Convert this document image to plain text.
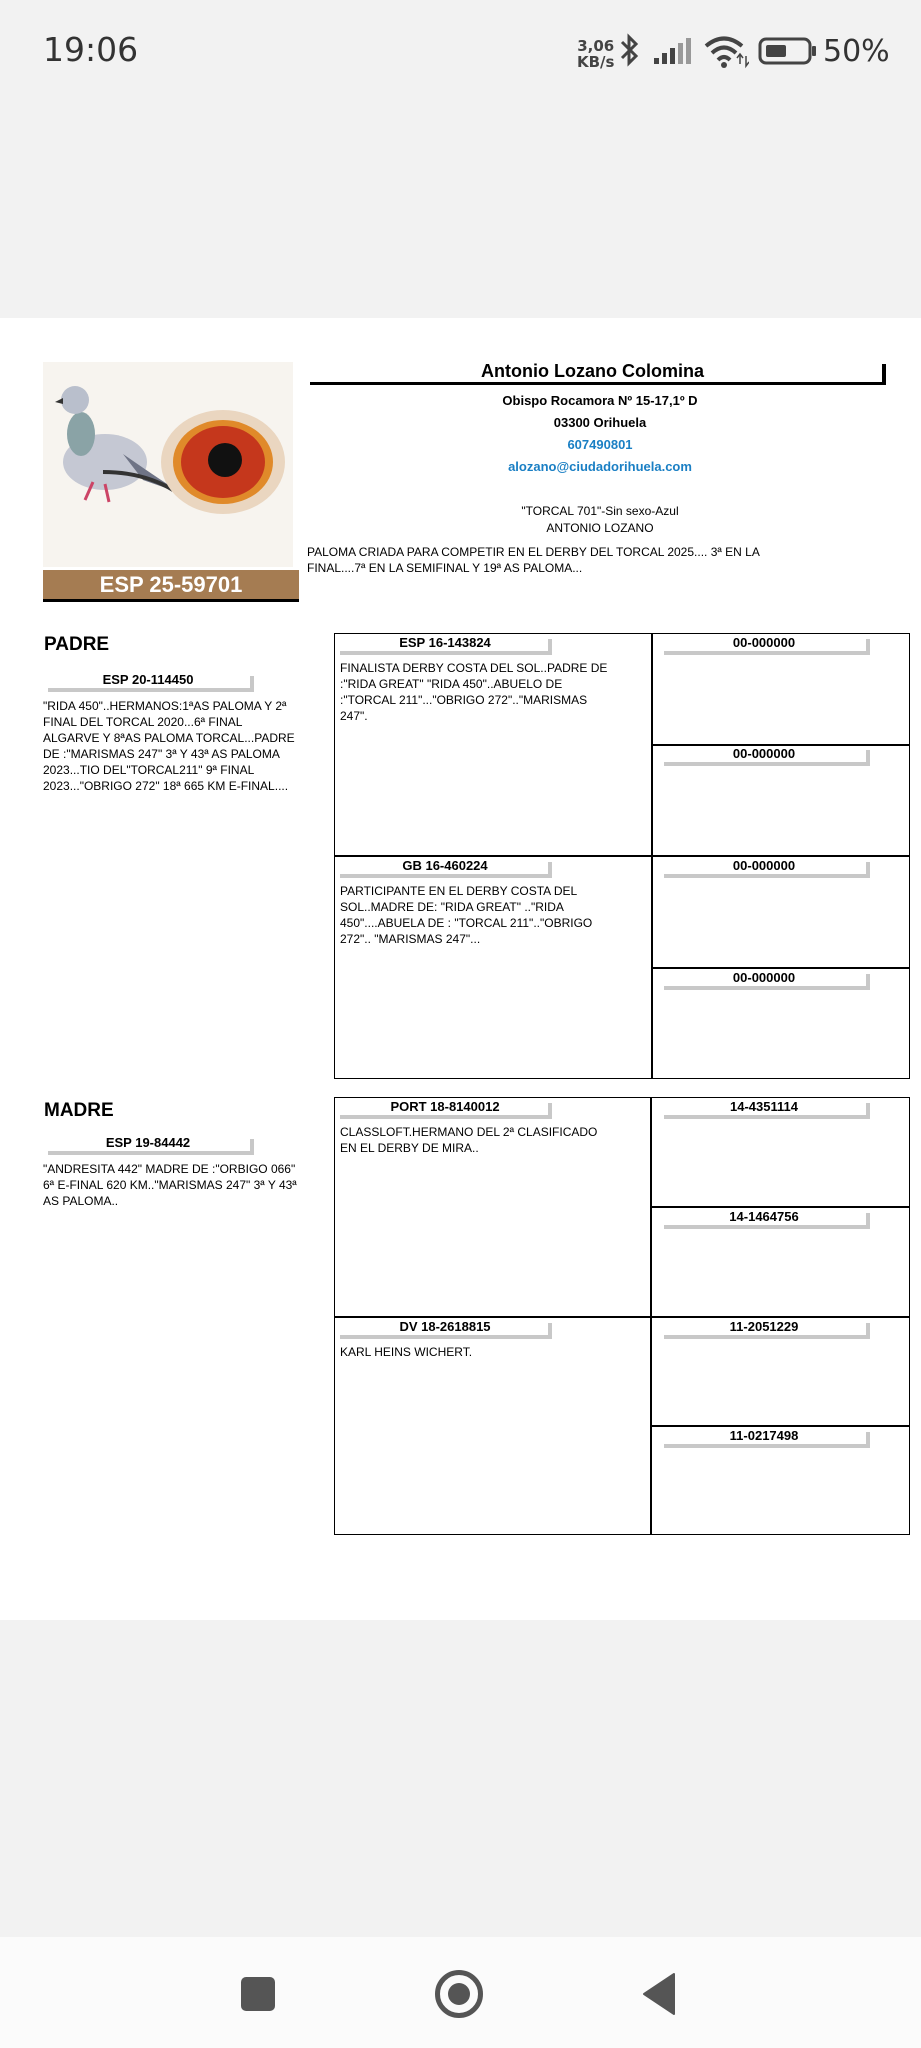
19:06	3,06
KB/s	50%
Antonio Lozano Colomina
Obispo Rocamora Nº 15-17,1º D
03300 Orihuela
607490801
alozano@ciudadorihuela.com
"TORCAL 701"-Sin sexo-Azul
ANTONIO LOZANO
PALOMA CRIADA PARA COMPETIR EN EL DERBY DEL TORCAL 2025.... 3ª EN LA FINAL....7ª EN LA SEMIFINAL Y 19ª AS PALOMA...
ESP 25-59701
PADRE
ESP 20-114450
"RIDA 450"..HERMANOS:1ªAS PALOMA Y 2ª FINAL DEL TORCAL 2020...6ª FINAL ALGARVE Y 8ªAS PALOMA TORCAL...PADRE DE :"MARISMAS 247" 3ª Y 43ª AS PALOMA 2023...TIO DEL"TORCAL211" 9ª FINAL 2023..."OBRIGO 272" 18ª 665 KM E-FINAL....
ESP 16-143824
FINALISTA DERBY COSTA DEL SOL..PADRE DE :"RIDA GREAT" "RIDA 450"..ABUELO DE :"TORCAL 211"..."OBRIGO 272".."MARISMAS 247".
GB 16-460224
PARTICIPANTE EN EL DERBY COSTA DEL SOL..MADRE DE: "RIDA GREAT" .."RIDA 450"....ABUELA DE : "TORCAL 211".."OBRIGO 272".. "MARISMAS 247"...
00-000000
00-000000
00-000000
00-000000
MADRE
ESP 19-84442
"ANDRESITA 442" MADRE DE :"ORBIGO 066" 6ª E-FINAL 620 KM.."MARISMAS 247" 3ª Y 43ª AS PALOMA..
PORT 18-8140012
CLASSLOFT.HERMANO DEL 2ª CLASIFICADO EN EL DERBY DE MIRA..
DV 18-2618815
KARL HEINS WICHERT.
14-4351114
14-1464756
11-2051229
11-0217498
